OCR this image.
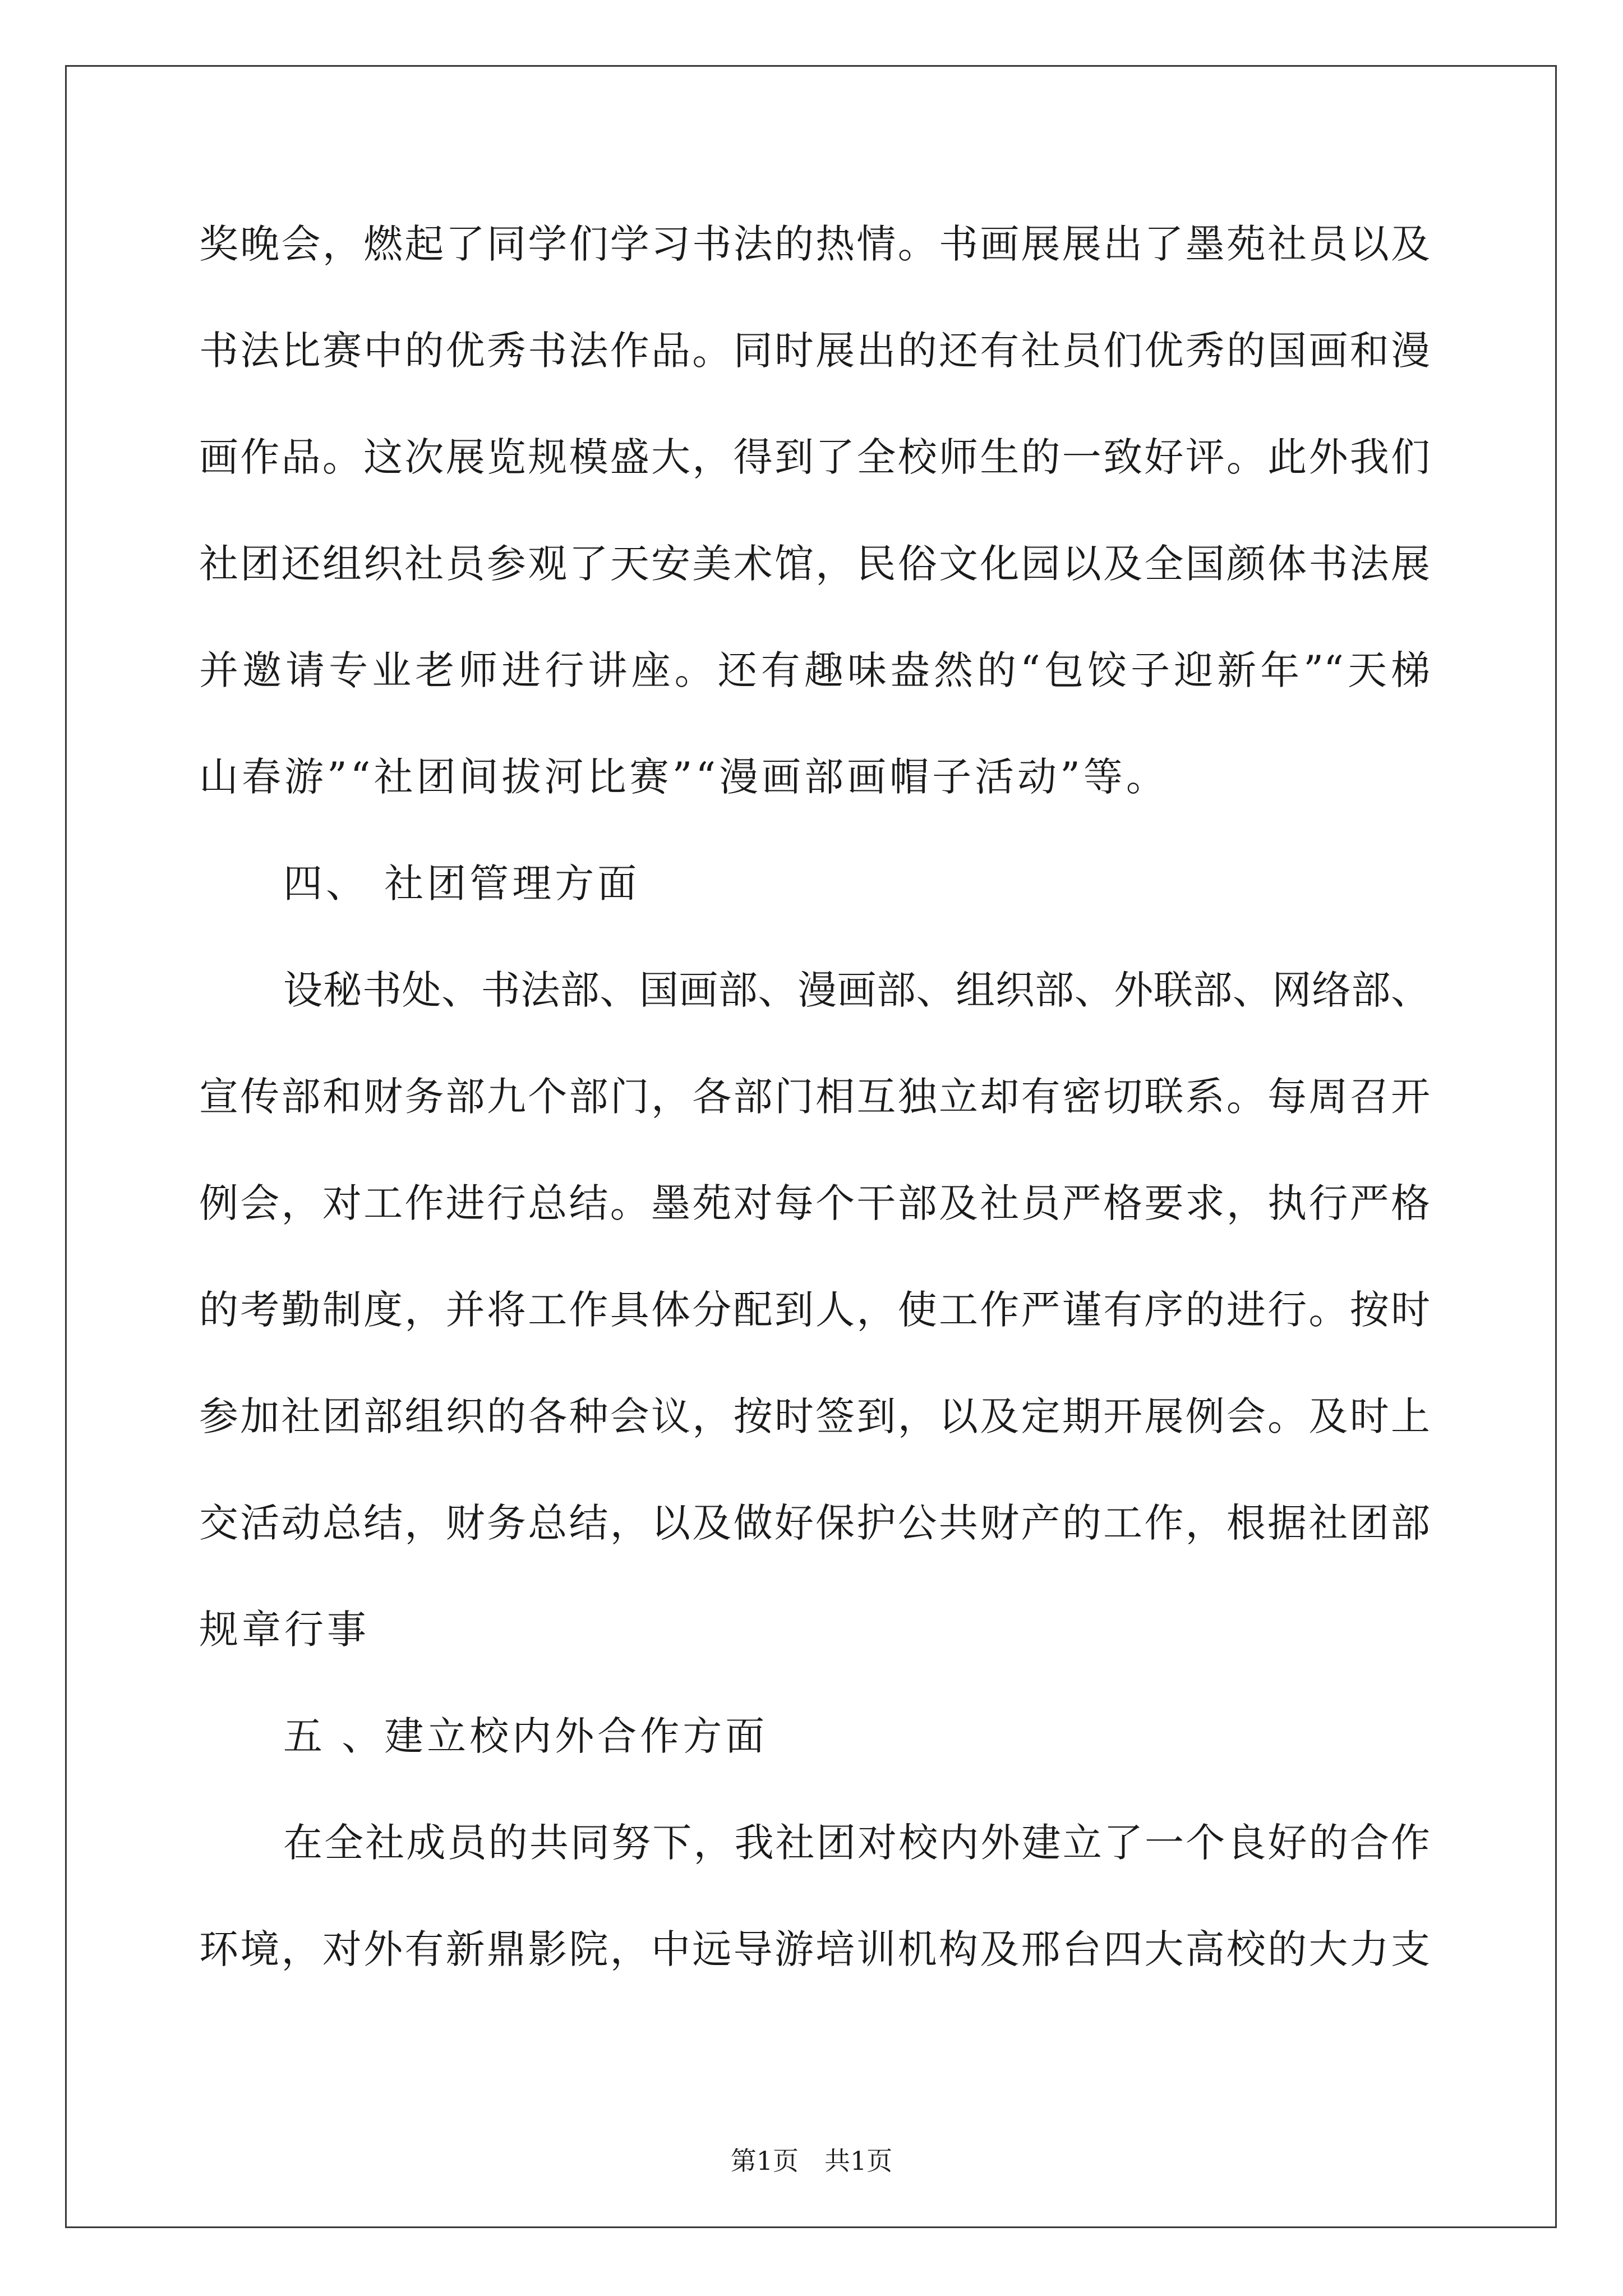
奖晚会，燃起了同学们学习书法的热情。书画展展出了墨苑社员以及
书法比赛中的优秀书法作品。同时展出的还有社员们优秀的国画和漫
画作品。这次展览规模盛大，得到了全校师生的一致好评。此外我们
社团还组织社员参观了天安美术馆，民俗文化园以及全国颜体书法展
并邀请专业老师进行讲座。还有趣味盎然的“包饺子迎新年”“天梯
山春游”“社团间拔河比赛”“漫画部画帽子活动”等。
四、 社团管理方面
设秘书处、书法部、国画部、漫画部、组织部、外联部、网络部、
宣传部和财务部九个部门，各部门相互独立却有密切联系。每周召开
例会，对工作进行总结。墨苑对每个干部及社员严格要求，执行严格
的考勤制度，并将工作具体分配到人，使工作严谨有序的进行。按时
参加社团部组织的各种会议，按时签到，以及定期开展例会。及时上
交活动总结，财务总结，以及做好保护公共财产的工作，根据社团部
规章行事
五 、建立校内外合作方面
在全社成员的共同努下，我社团对校内外建立了一个良好的合作
环境，对外有新鼎影院，中远导游培训机构及邢台四大高校的大力支
第1页　共1页
